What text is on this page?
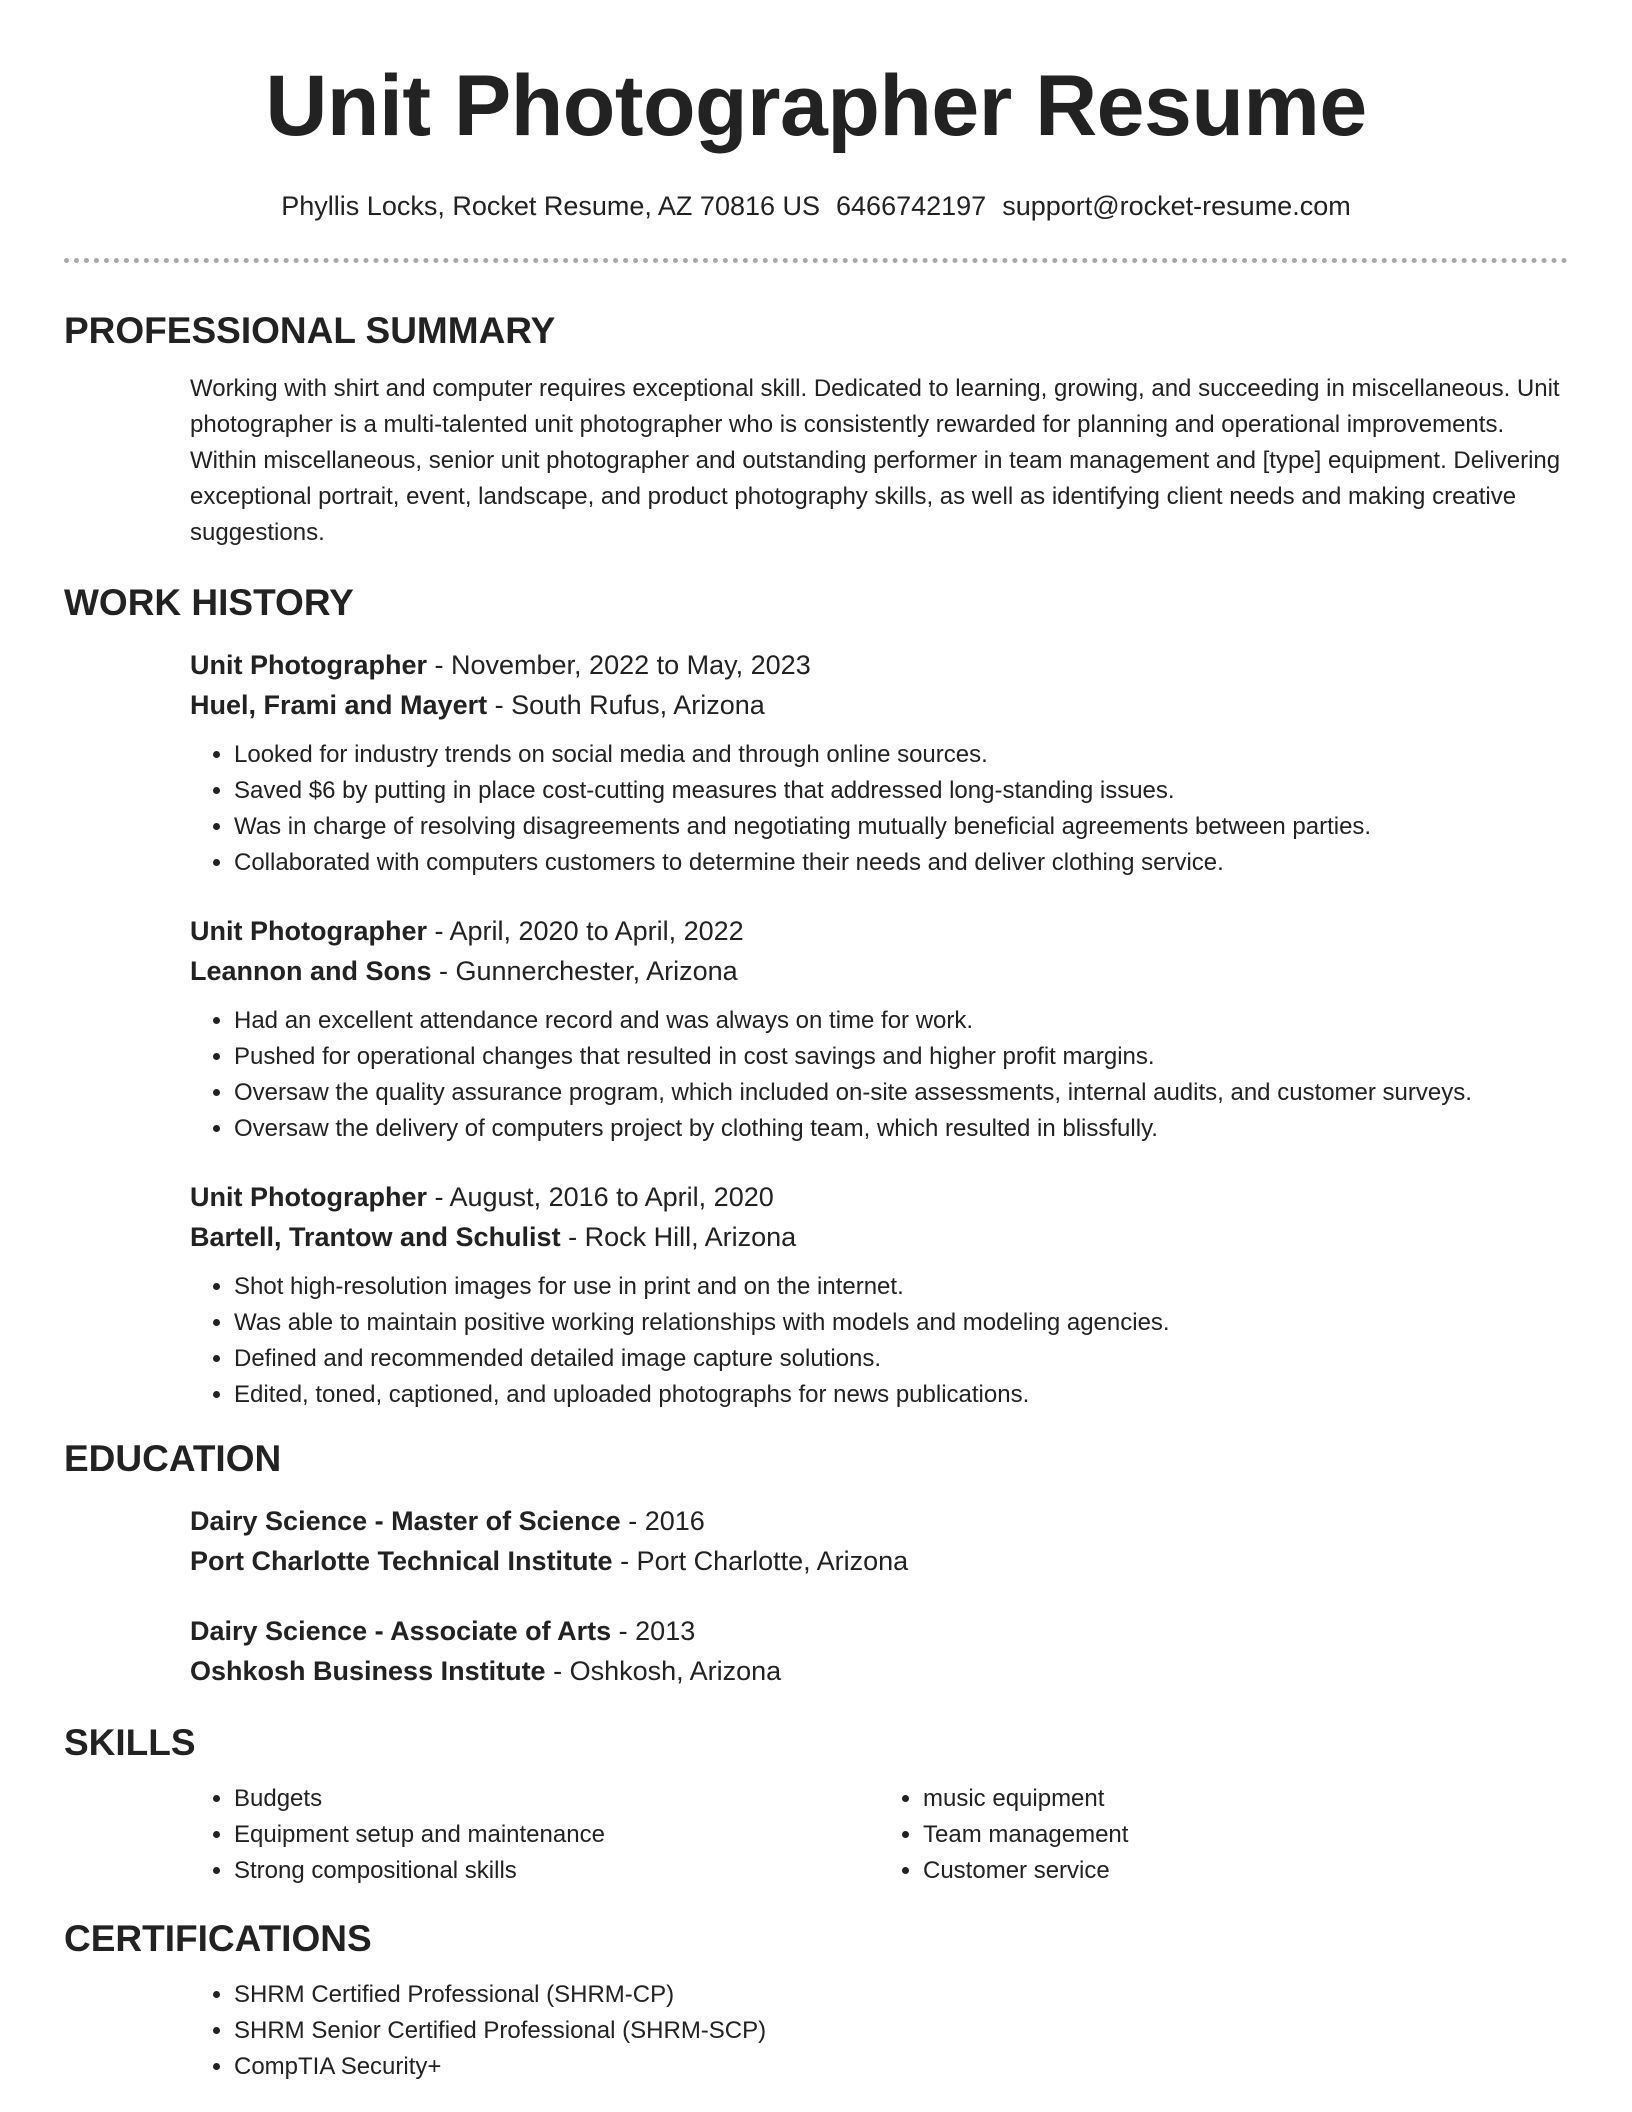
Unit Photographer Resume
Phyllis Locks, Rocket Resume, AZ 70816 US 6466742197 support@rocket-resume.com
PROFESSIONAL SUMMARY
Working with shirt and computer requires exceptional skill. Dedicated to learning, growing, and succeeding in miscellaneous. Unit photographer is a multi-talented unit photographer who is consistently rewarded for planning and operational improvements. Within miscellaneous, senior unit photographer and outstanding performer in team management and [type] equipment. Delivering exceptional portrait, event, landscape, and product photography skills, as well as identifying client needs and making creative suggestions.
WORK HISTORY
Unit Photographer - November, 2022 to May, 2023
Huel, Frami and Mayert - South Rufus, Arizona
• Looked for industry trends on social media and through online sources.
• Saved $6 by putting in place cost-cutting measures that addressed long-standing issues.
• Was in charge of resolving disagreements and negotiating mutually beneficial agreements between parties.
• Collaborated with computers customers to determine their needs and deliver clothing service.
Unit Photographer - April, 2020 to April, 2022
Leannon and Sons - Gunnerchester, Arizona
• Had an excellent attendance record and was always on time for work.
• Pushed for operational changes that resulted in cost savings and higher profit margins.
• Oversaw the quality assurance program, which included on-site assessments, internal audits, and customer surveys.
• Oversaw the delivery of computers project by clothing team, which resulted in blissfully.
Unit Photographer - August, 2016 to April, 2020
Bartell, Trantow and Schulist - Rock Hill, Arizona
• Shot high-resolution images for use in print and on the internet.
• Was able to maintain positive working relationships with models and modeling agencies.
• Defined and recommended detailed image capture solutions.
• Edited, toned, captioned, and uploaded photographs for news publications.
EDUCATION
Dairy Science - Master of Science - 2016
Port Charlotte Technical Institute - Port Charlotte, Arizona
Dairy Science - Associate of Arts - 2013
Oshkosh Business Institute - Oshkosh, Arizona
SKILLS
• Budgets
• Equipment setup and maintenance
• Strong compositional skills
• music equipment
• Team management
• Customer service
CERTIFICATIONS
• SHRM Certified Professional (SHRM-CP)
• SHRM Senior Certified Professional (SHRM-SCP)
• CompTIA Security+
